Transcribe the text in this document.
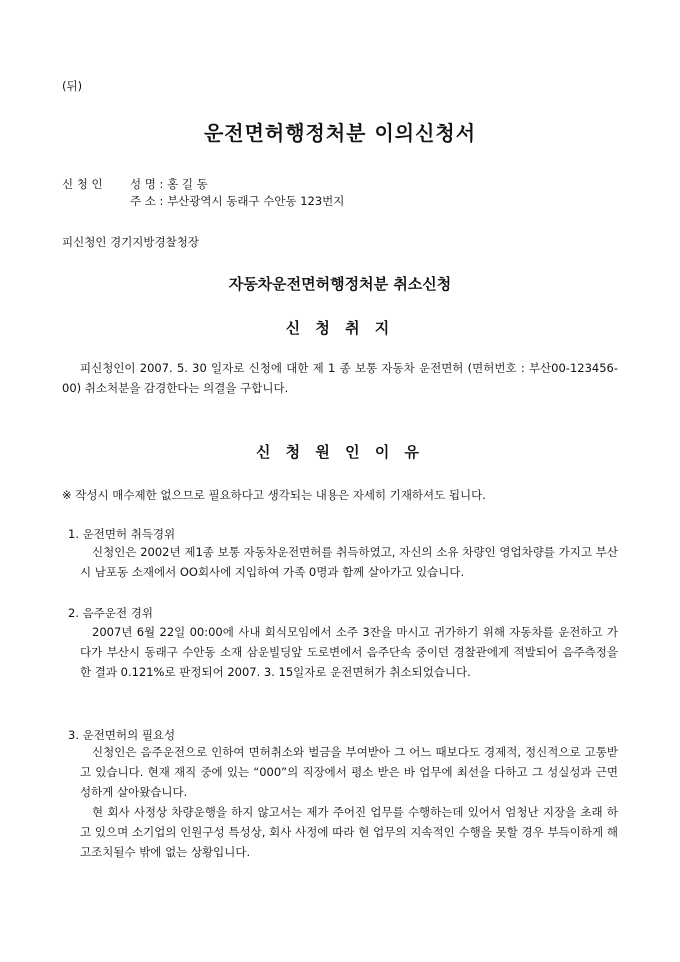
(뒤)
운전면허행정처분 이의신청서
신 청 인 성 명 : 홍 길 동
주 소 : 부산광역시 동래구 수안동 123번지
피신청인 경기지방경찰청장
자동차운전면허행정처분 취소신청
신 청 취 지
피신청인이 2007. 5. 30 일자로 신청에 대한 제 1 종 보통 자동차 운전면허 (면허번호 : 부산00-123456-00) 취소처분을 감경한다는 의결을 구합니다.
신 청 원 인 이 유
※ 작성시 매수제한 없으므로 필요하다고 생각되는 내용은 자세히 기재하셔도 됩니다.
1. 운전면허 취득경위
신청인은 2002년 제1종 보통 자동차운전면허를 취득하였고, 자신의 소유 차량인 영업차량를 가지고 부산시 남포동 소재에서 OO회사에 지입하여 가족 0명과 함께 살아가고 있습니다.
2. 음주운전 경위
2007년 6월 22일 00:00에 사내 회식모임에서 소주 3잔을 마시고 귀가하기 위해 자동차를 운전하고 가다가 부산시 동래구 수안동 소재 삼운빌딩앞 도로변에서 음주단속 중이던 경찰관에게 적발되어 음주측정을 한 결과 0.121%로 판정되어 2007. 3. 15일자로 운전면허가 취소되었습니다.
3. 운전면허의 필요성
신청인은 음주운전으로 인하여 면허취소와 벌금을 부여받아 그 어느 때보다도 경제적, 정신적으로 고통받고 있습니다. 현재 재직 중에 있는 “000”의 직장에서 평소 받은 바 업무에 최선을 다하고 그 성실성과 근면성하게 살아왔습니다.
현 회사 사정상 차량운행을 하지 않고서는 제가 주어진 업무를 수행하는데 있어서 엄청난 지장을 초래 하고 있으며 소기업의 인원구성 특성상, 회사 사정에 따라 현 업무의 지속적인 수행을 못할 경우 부득이하게 해고조치될수 밖에 없는 상황입니다.
